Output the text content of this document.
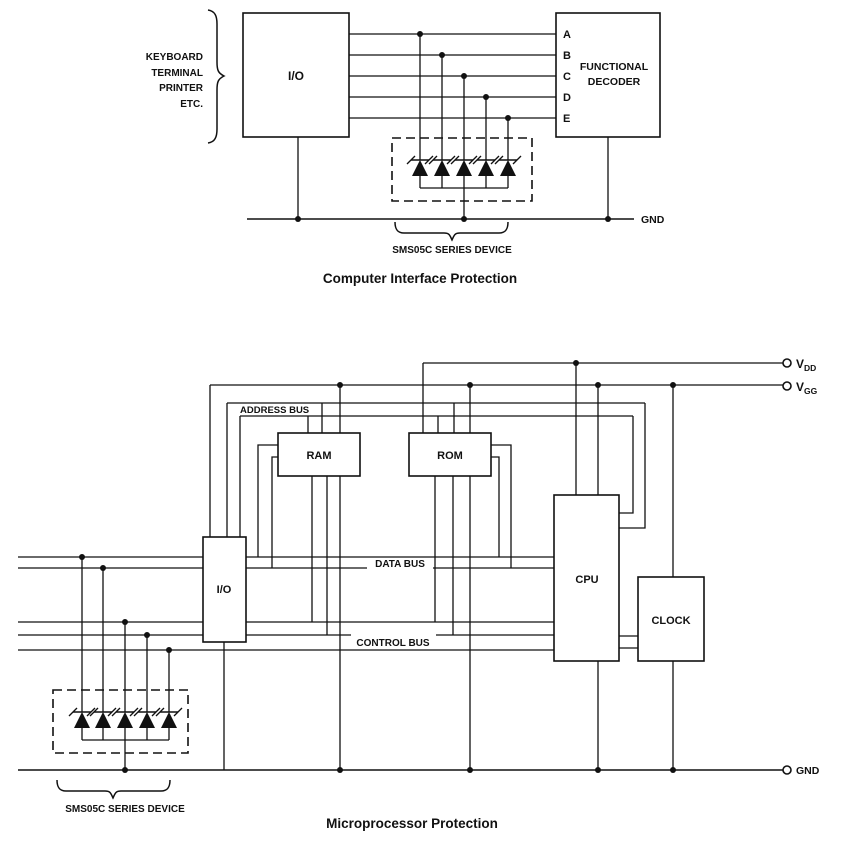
KEYBOARD
TERMINAL
PRINTER
ETC.
I/O
A
B
C
D
E
FUNCTIONAL
DECODER
GND
SMS05C SERIES DEVICE
Computer Interface Protection
$V_{DD}$
$V_{GG}$
ADDRESS BUS
I/O
RAM	ROM
CPU
CLOCK
DATA BUS
CONTROL BUS
GND
SMS05C SERIES DEVICE
Microprocessor Protection
